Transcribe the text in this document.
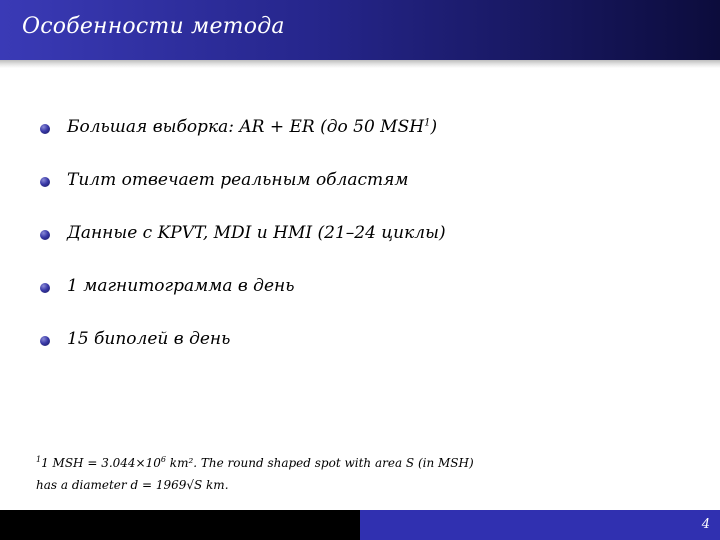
Особенности метода
Большая выборка: AR + ER (до 50 MSH$^1$)
Тилт отвечает реальным областям
Данные с KPVT, MDI и HMI (21–24 циклы)
1 магнитограмма в день
15 биполей в день
$^1$1 MSH = 3.044×10$^6$ km². The round shaped spot with area S (in MSH)
has a diameter d = 1969√S km.
4
